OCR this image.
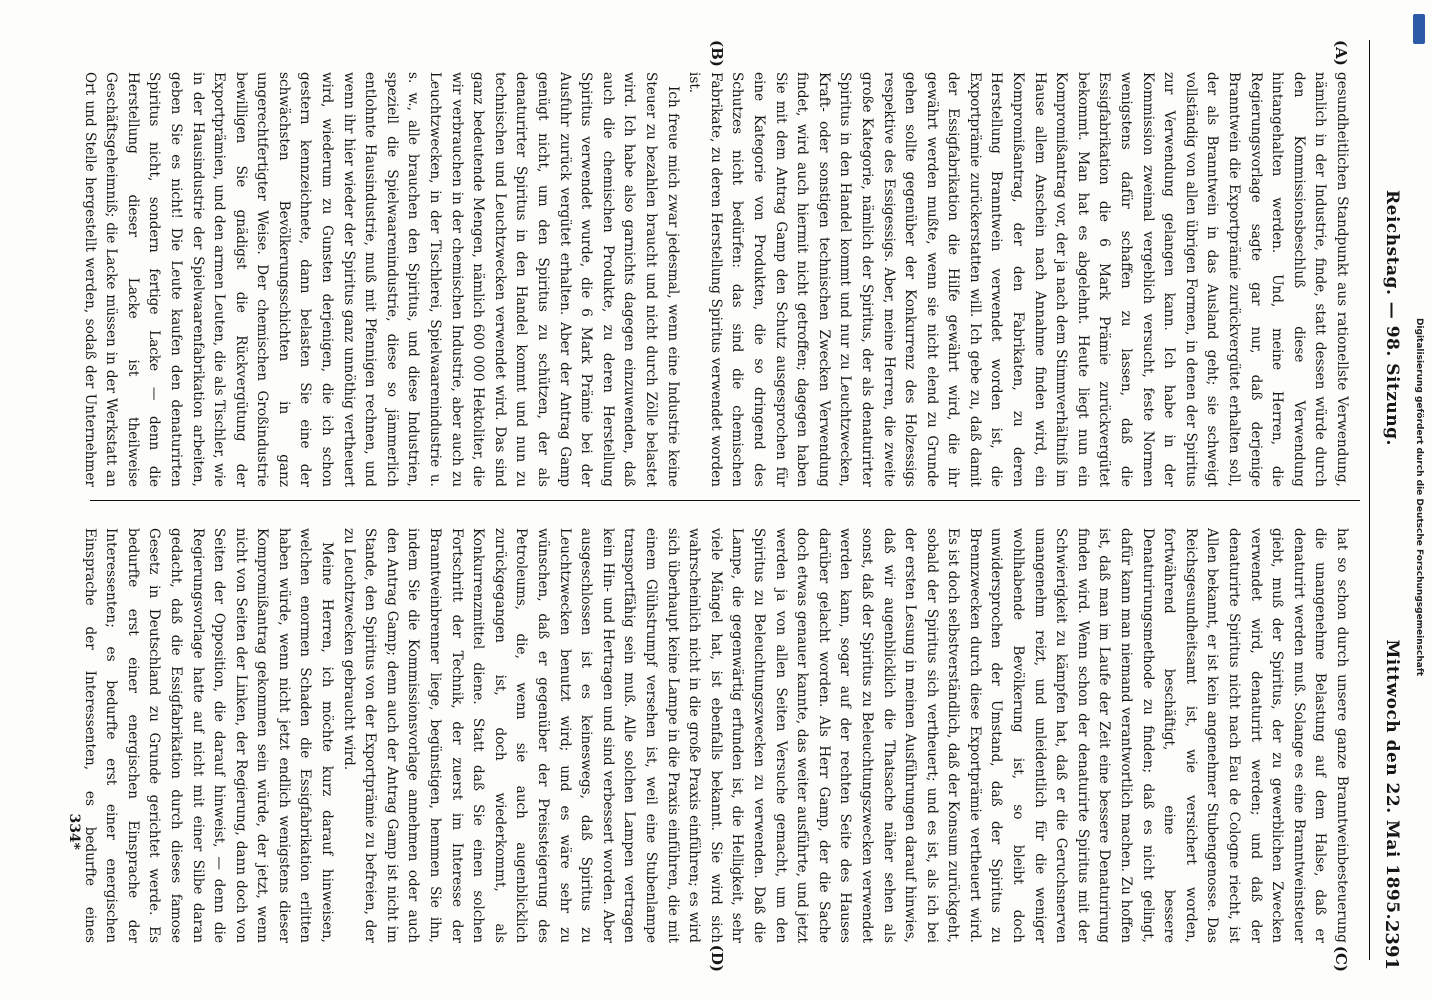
Reichstag. — 98. Sitzung.
Mittwoch den 22. Mai 1895.
2391
(A)
(B)
(C)
(D)

gesundheitlichen Standpunkt aus rationellste Verwendung, nämlich in der Industrie, finde, statt dessen würde durch den Kommissionsbeschluß diese Verwendung hintangehalten werden. Und, meine Herren, die Regierungsvorlage sagte gar nur, daß derjenige Branntwein die Exportprämie zurückvergütet erhalten soll, der als Branntwein in das Ausland geht; sie schweigt vollständig von allen übrigen Formen, in denen der Spiritus zur Verwendung gelangen kann. Ich habe in der Kommission zweimal vergeblich versucht, feste Normen wenigstens dafür schaffen zu lassen, daß die Essigfabrikation die 6 Mark Prämie zurückvergütet bekommt. Man hat es abgelehnt. Heute liegt nun ein Kompromißantrag vor, der ja nach dem Stimmverhältniß im Hause allem Anschein nach Annahme finden wird, ein Kompromißantrag, der den Fabrikaten, zu deren Herstellung Branntwein verwendet worden ist, die Exportprämie zurückerstatten will. Ich gebe zu, daß damit der Essigfabrikation die Hilfe gewährt wird, die ihr gewährt werden mußte, wenn sie nicht elend zu Grunde gehen sollte gegenüber der Konkurrenz des Holzessigs respektive des Essigessigs. Aber, meine Herren, die zweite große Kategorie, nämlich der Spiritus, der als denaturirter Spiritus in den Handel kommt und nur zu Leuchtzwecken, Kraft- oder sonstigen technischen Zwecken Verwendung findet, wird auch hiermit nicht getroffen; dagegen haben Sie mit dem Antrag Gamp den Schutz ausgesprochen für eine Kategorie von Produkten, die so dringend des Schutzes nicht bedürfen: das sind die chemischen Fabrikate, zu deren Herstellung Spiritus verwendet worden ist.

Ich freue mich zwar jedesmal, wenn eine Industrie keine Steuer zu bezahlen braucht und nicht durch Zölle belastet wird. Ich habe also garnichts dagegen einzuwenden, daß auch die chemischen Produkte, zu deren Herstellung Spiritus verwendet wurde, die 6 Mark Prämie bei der Ausfuhr zurück vergütet erhalten. Aber der Antrag Gamp genügt nicht, um den Spiritus zu schützen, der als denaturirter Spiritus in den Handel kommt und nun zu technischen und Leuchtzwecken verwendet wird. Das sind ganz bedeutende Mengen, nämlich 600 000 Hektoliter, die wir verbrauchen in der chemischen Industrie, aber auch zu Leuchtzwecken, in der Tischlerei, Spielwaarenindustrie u. s. w., alle brauchen den Spiritus, und diese Industrien, speziell die Spielwaarenindustrie, diese so jämmerlich entlohnte Hausindustrie, muß mit Pfennigen rechnen, und wenn ihr hier wieder der Spiritus ganz unnöthig vertheuert wird, wiederum zu Gunsten derjenigen, die ich schon gestern kennzeichnete, dann belasten Sie eine der schwächsten Bevölkerungsschichten in ganz ungerechtfertigter Weise. Der chemischen Großindustrie bewilligen Sie gnädigst die Rückvergütung der Exportprämien, und den armen Leuten, die als Tischler, wie in der Hausindustrie der Spielwaarenfabrikation arbeiten, geben Sie es nicht! Die Leute kaufen den denaturirten Spiritus nicht, sondern fertige Lacke — denn die Herstellung dieser Lacke ist theilweise Geschäftsgeheimniß; die Lacke müssen in der Werkstatt an Ort und Stelle hergestellt werden, sodaß der Unternehmer

hat so schon durch unsere ganze Branntweinbesteuerung die unangenehme Belastung auf dem Halse, daß er denaturirt werden muß. Solange es eine Branntweinsteuer giebt, muß der Spiritus, der zu gewerblichen Zwecken verwendet wird, denaturirt werden; und daß der denaturirte Spiritus nicht nach Eau de Cologne riecht, ist Allen bekannt, er ist kein angenehmer Stubengenosse. Das Reichsgesundheitsamt ist, wie versichert worden, fortwährend beschäftigt, eine bessere Denaturirungsmethode zu finden; daß es nicht gelingt, dafür kann man niemand verantwortlich machen. Zu hoffen ist, daß man im Laufe der Zeit eine bessere Denaturirung finden wird. Wenn schon der denaturirte Spiritus mit der Schwierigkeit zu kämpfen hat, daß er die Geruchsnerven unangenehm reizt, und unleidentlich für die weniger wohlhabende Bevölkerung ist, so bleibt doch unwidersprochen der Umstand, daß der Spiritus zu Brennzwecken durch diese Exportprämie vertheuert wird. Es ist doch selbstverständlich, daß der Konsum zurückgeht, sobald der Spiritus sich vertheuert; und es ist, als ich bei der ersten Lesung in meinen Ausführungen darauf hinwies, daß wir augenblicklich die Thatsache näher sehen als sonst, daß der Spiritus zu Beleuchtungszwecken verwendet werden kann, sogar auf der rechten Seite des Hauses darüber gelacht worden. Als Herr Gamp, der die Sache doch etwas genauer kannte, das weiter ausführte, und jetzt werden ja von allen Seiten Versuche gemacht, um den Spiritus zu Beleuchtungszwecken zu verwenden. Daß die Lampe, die gegenwärtig erfunden ist, die Helligkeit, sehr viele Mängel hat, ist ebenfalls bekannt. Sie wird sich wahrscheinlich nicht in die große Praxis einführen; es wird sich überhaupt keine Lampe in die Praxis einführen, die mit einem Glühstrumpf versehen ist, weil eine Stubenlampe transportfähig sein muß. Alle solchen Lampen vertragen kein Hin- und Hertragen und sind verbessert worden. Aber ausgeschlossen ist es keineswegs, daß Spiritus zu Leuchtzwecken benutzt wird; und es wäre sehr zu wünschen, daß er gegenüber der Preissteigerung des Petroleums, die, wenn sie auch augenblicklich zurückgegangen ist, doch wiederkommt, als Konkurrenzmittel diene. Statt daß Sie einen solchen Fortschritt der Technik, der zuerst im Interesse der Branntweinbrenner liege, begünstigen, hemmen Sie ihn, indem Sie die Kommissionsvorlage annehmen oder auch den Antrag Gamp; denn auch der Antrag Gamp ist nicht im Stande, den Spiritus von der Exportprämie zu befreien, der zu Leuchtzwecken gebraucht wird.

Meine Herren, ich möchte kurz darauf hinweisen, welchen enormen Schaden die Essigfabrikation erlitten haben würde, wenn nicht jetzt endlich wenigstens dieser Kompromißantrag gekommen sein würde, der jetzt, wenn nicht von Seiten der Linken, der Regierung, dann doch von Seiten der Opposition, die darauf hinweist, — denn die Regierungsvorlage hatte auf nicht mit einer Silbe daran gedacht, daß die Essigfabrikation durch dieses famose Gesetz in Deutschland zu Grunde gerichtet werde. Es bedurfte erst einer energischen Einsprache der Interessenten; es bedurfte erst einer energischen Einsprache der Interessenten, es bedurfte eines

334*
Digitalisierung gefördert durch die Deutsche Forschungsgemeinschaft
